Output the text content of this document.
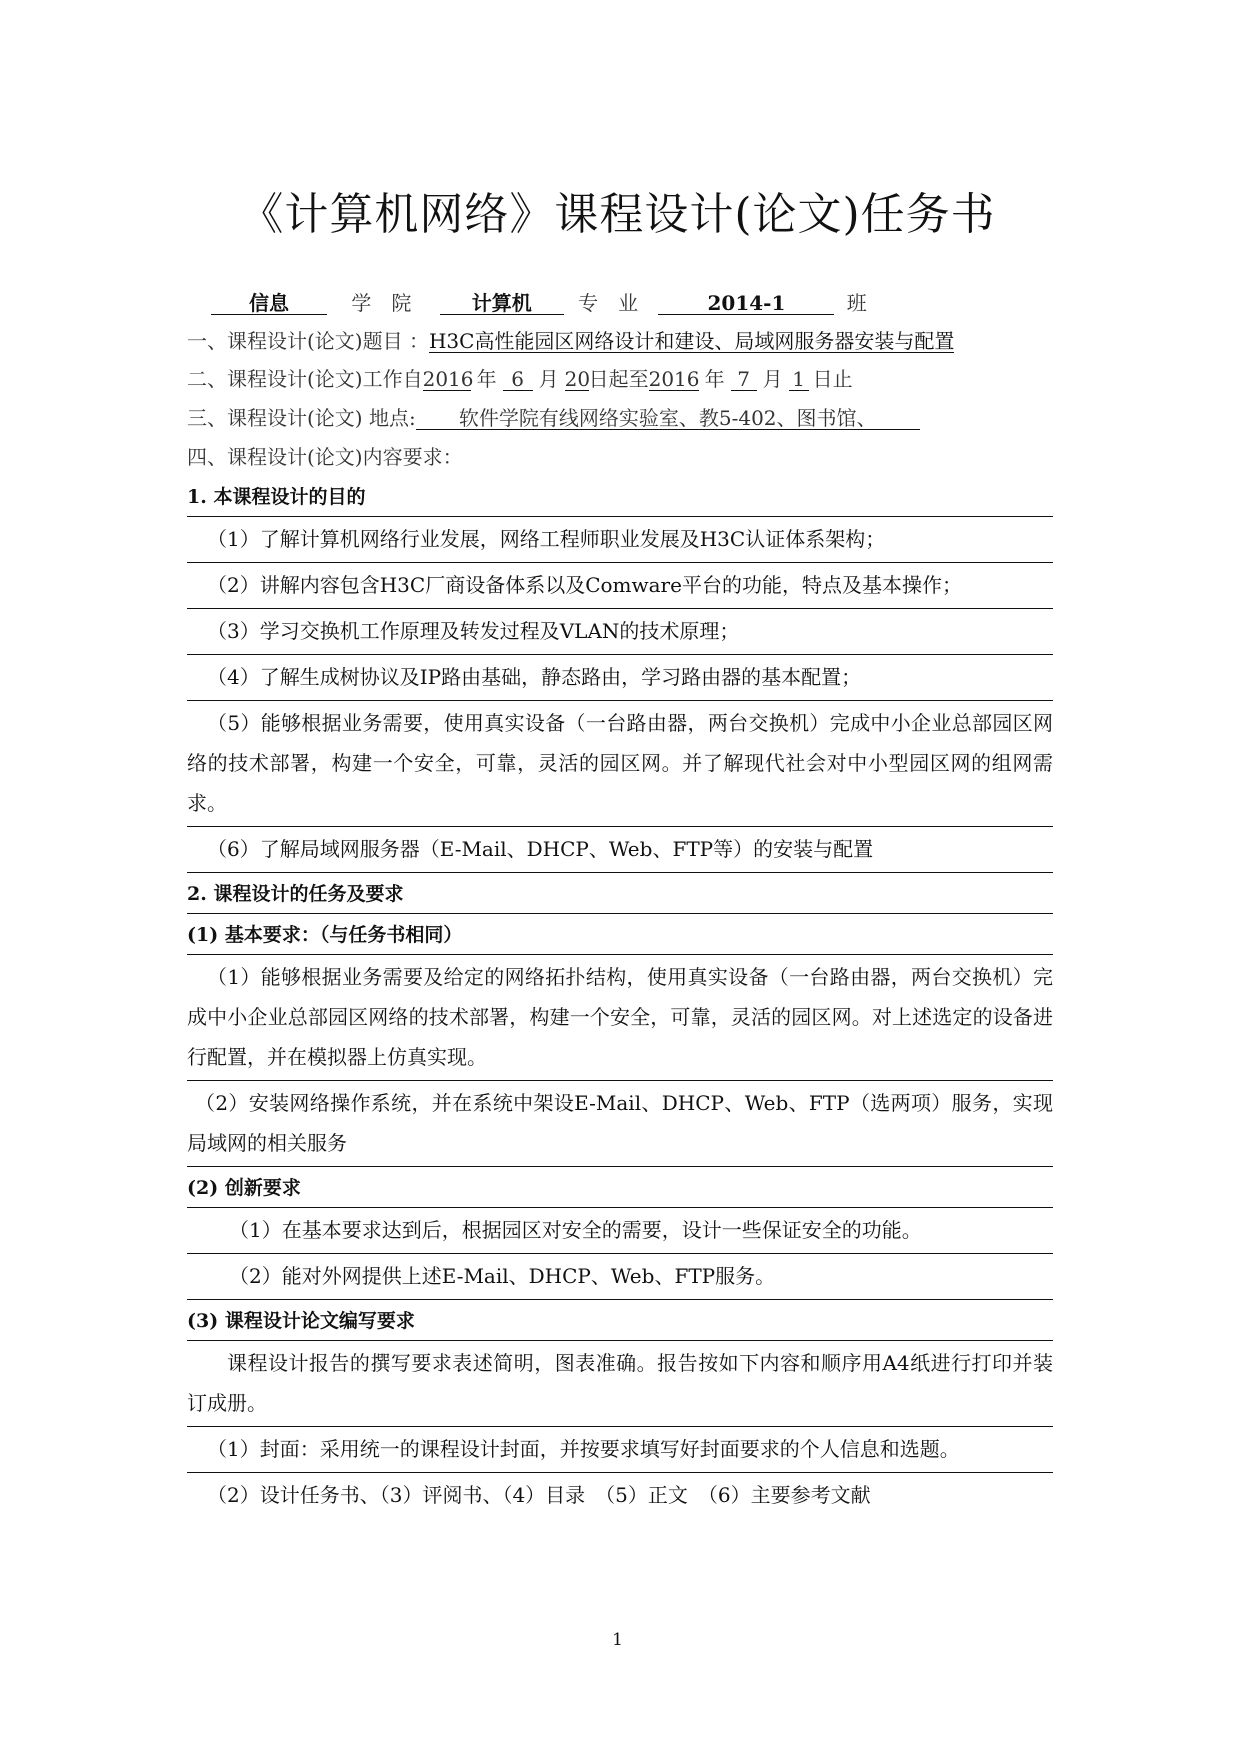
《计算机网络》课程设计(论文)任务书
信息	学　院	计算机 专　业	2014-1	班
一、课程设计(论文)题目 ：H3C高性能园区网络设计和建设、局域网服务器安装与配置
二、课程设计(论文)工作自2016 年 6 月 20日起至2016 年 7 月 1 日止
三、课程设计(论文) 地点: 软件学院有线网络实验室、教5-402、图书馆、
四、课程设计(论文)内容要求：
1. 本课程设计的目的
（1）了解计算机网络行业发展，网络工程师职业发展及H3C认证体系架构；
（2）讲解内容包含H3C厂商设备体系以及Comware平台的功能，特点及基本操作；
（3）学习交换机工作原理及转发过程及VLAN的技术原理；
（4）了解生成树协议及IP路由基础，静态路由，学习路由器的基本配置；
（5）能够根据业务需要，使用真实设备（一台路由器，两台交换机）完成中小企业总部园区网络的技术部署，构建一个安全，可靠，灵活的园区网。并了解现代社会对中小型园区网的组网需求。
（6）了解局域网服务器（E-Mail、DHCP、Web、FTP等）的安装与配置
2. 课程设计的任务及要求
(1) 基本要求：（与任务书相同）
（1）能够根据业务需要及给定的网络拓扑结构，使用真实设备（一台路由器，两台交换机）完成中小企业总部园区网络的技术部署，构建一个安全，可靠，灵活的园区网。对上述选定的设备进行配置，并在模拟器上仿真实现。
（2）安装网络操作系统，并在系统中架设E-Mail、DHCP、Web、FTP（选两项）服务，实现局域网的相关服务
(2) 创新要求
（1）在基本要求达到后，根据园区对安全的需要，设计一些保证安全的功能。
（2）能对外网提供上述E-Mail、DHCP、Web、FTP服务。
(3) 课程设计论文编写要求
课程设计报告的撰写要求表述简明，图表准确。报告按如下内容和顺序用A4纸进行打印并装订成册。
（1）封面：采用统一的课程设计封面，并按要求填写好封面要求的个人信息和选题。
（2）设计任务书、（3）评阅书、（4）目录　（5）正文　（6）主要参考文献
1
